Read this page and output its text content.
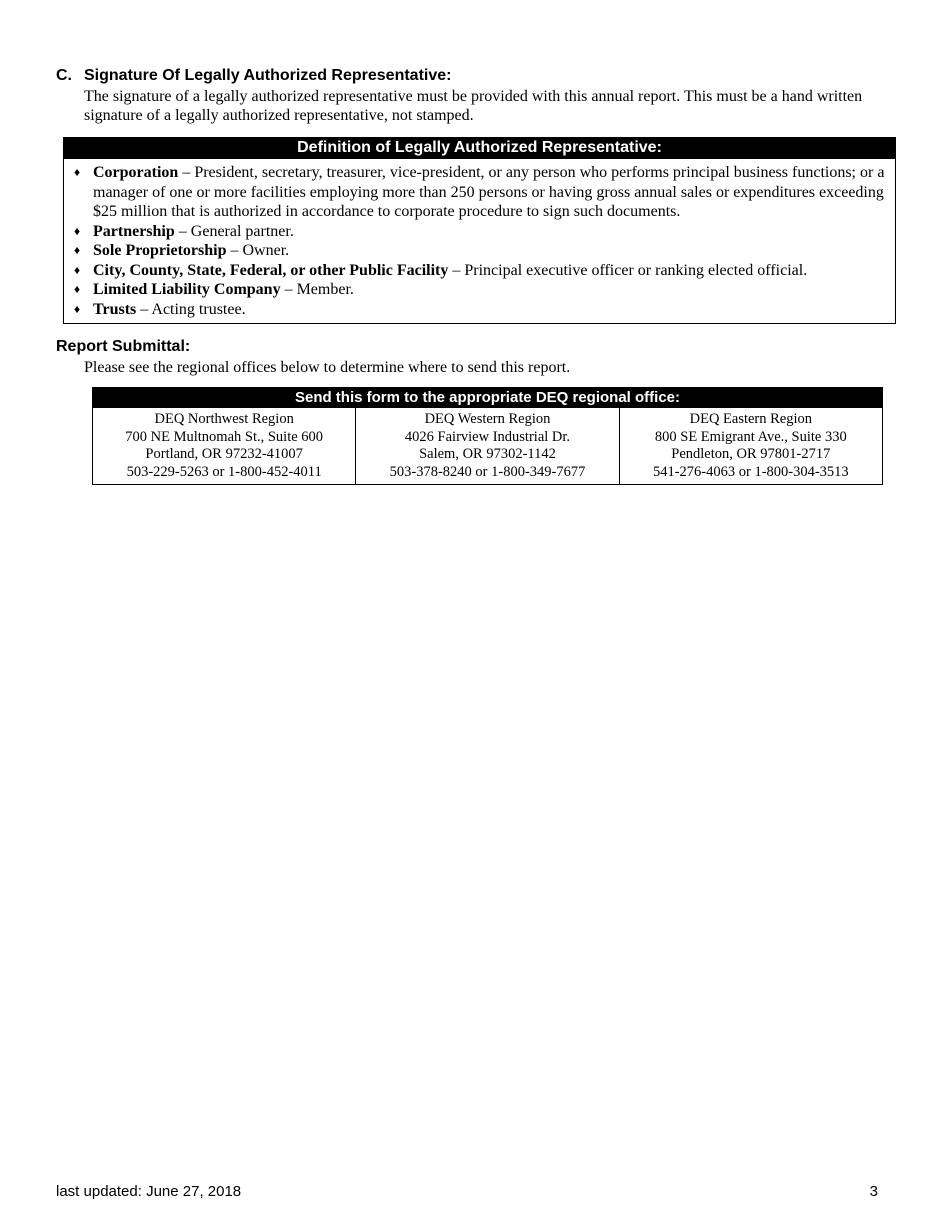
C. Signature Of Legally Authorized Representative:
The signature of a legally authorized representative must be provided with this annual report. This must be a hand written signature of a legally authorized representative, not stamped.
Definition of Legally Authorized Representative:
♦ Corporation – President, secretary, treasurer, vice-president, or any person who performs principal business functions; or a manager of one or more facilities employing more than 250 persons or having gross annual sales or expenditures exceeding $25 million that is authorized in accordance to corporate procedure to sign such documents.
♦ Partnership – General partner.
♦ Sole Proprietorship – Owner.
♦ City, County, State, Federal, or other Public Facility – Principal executive officer or ranking elected official.
♦ Limited Liability Company – Member.
♦ Trusts – Acting trustee.
Report Submittal:
Please see the regional offices below to determine where to send this report.
Send this form to the appropriate DEQ regional office:
DEQ Northwest Region
700 NE Multnomah St., Suite 600
Portland, OR 97232-41007
503-229-5263 or 1-800-452-4011
DEQ Western Region
4026 Fairview Industrial Dr.
Salem, OR 97302-1142
503-378-8240 or 1-800-349-7677
DEQ Eastern Region
800 SE Emigrant Ave., Suite 330
Pendleton, OR 97801-2717
541-276-4063 or 1-800-304-3513
last updated: June 27, 2018	3
